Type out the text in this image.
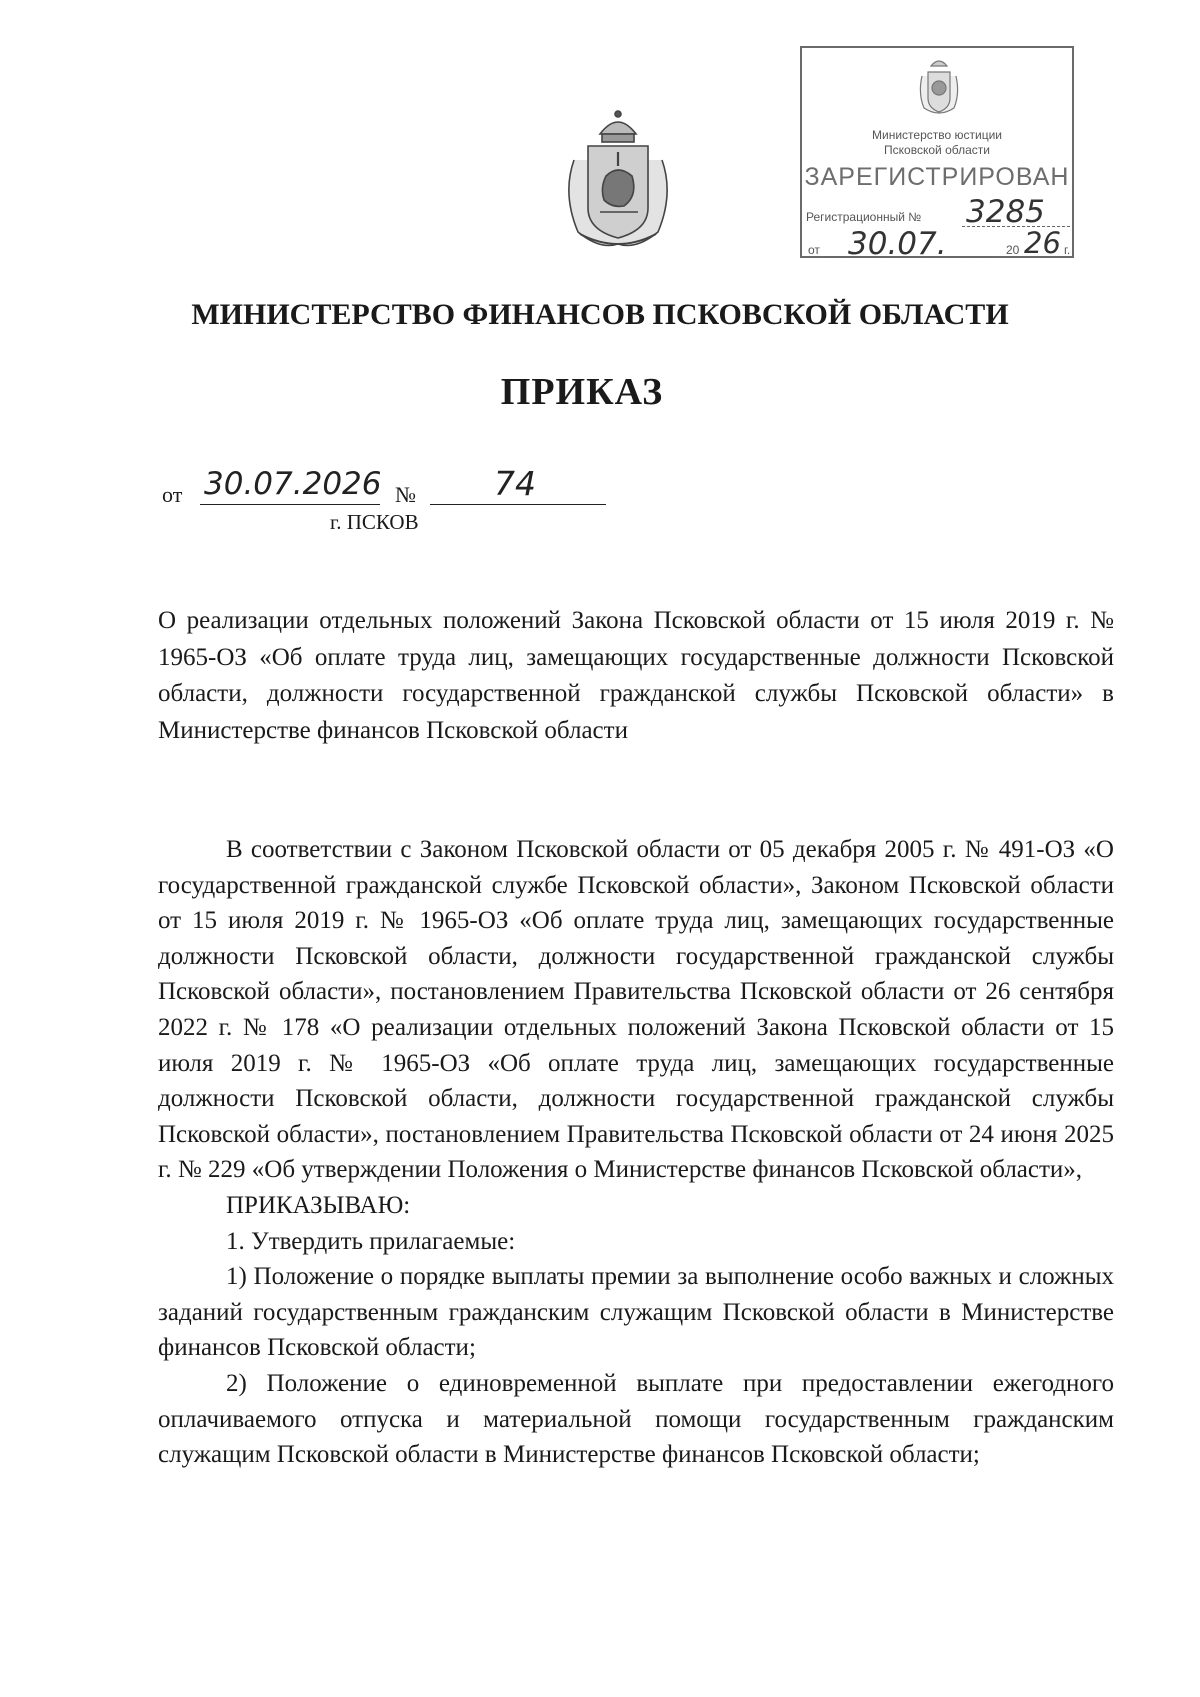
Министерство юстиции
Псковской области
ЗАРЕГИСТРИРОВАН
Регистрационный № 3285
от 30.07.	20 26 г.
МИНИСТЕРСТВО ФИНАНСОВ ПСКОВСКОЙ ОБЛАСТИ
ПРИКАЗ
от 30.07.2026 № 74
г. ПСКОВ
О реализации отдельных положений Закона Псковской области от 15 июля 2019 г. № 1965-ОЗ «Об оплате труда лиц, замещающих государственные должности Псковской области, должности государственной гражданской службы Псковской области» в Министерстве финансов Псковской области

В соответствии с Законом Псковской области от 05 декабря 2005 г. № 491-ОЗ «О государственной гражданской службе Псковской области», Законом Псковской области от 15 июля 2019 г. № 1965-ОЗ «Об оплате труда лиц, замещающих государственные должности Псковской области, должности государственной гражданской службы Псковской области», постановлением Правительства Псковской области от 26 сентября 2022 г. № 178 «О реализации отдельных положений Закона Псковской области от 15 июля 2019 г. № 1965-ОЗ «Об оплате труда лиц, замещающих государственные должности Псковской области, должности государственной гражданской службы Псковской области», постановлением Правительства Псковской области от 24 июня 2025 г. № 229 «Об утверждении Положения о Министерстве финансов Псковской области»,

ПРИКАЗЫВАЮ:

1. Утвердить прилагаемые:

1) Положение о порядке выплаты премии за выполнение особо важных и сложных заданий государственным гражданским служащим Псковской области в Министерстве финансов Псковской области;

2) Положение о единовременной выплате при предоставлении ежегодного оплачиваемого отпуска и материальной помощи государственным гражданским служащим Псковской области в Министерстве финансов Псковской области;
